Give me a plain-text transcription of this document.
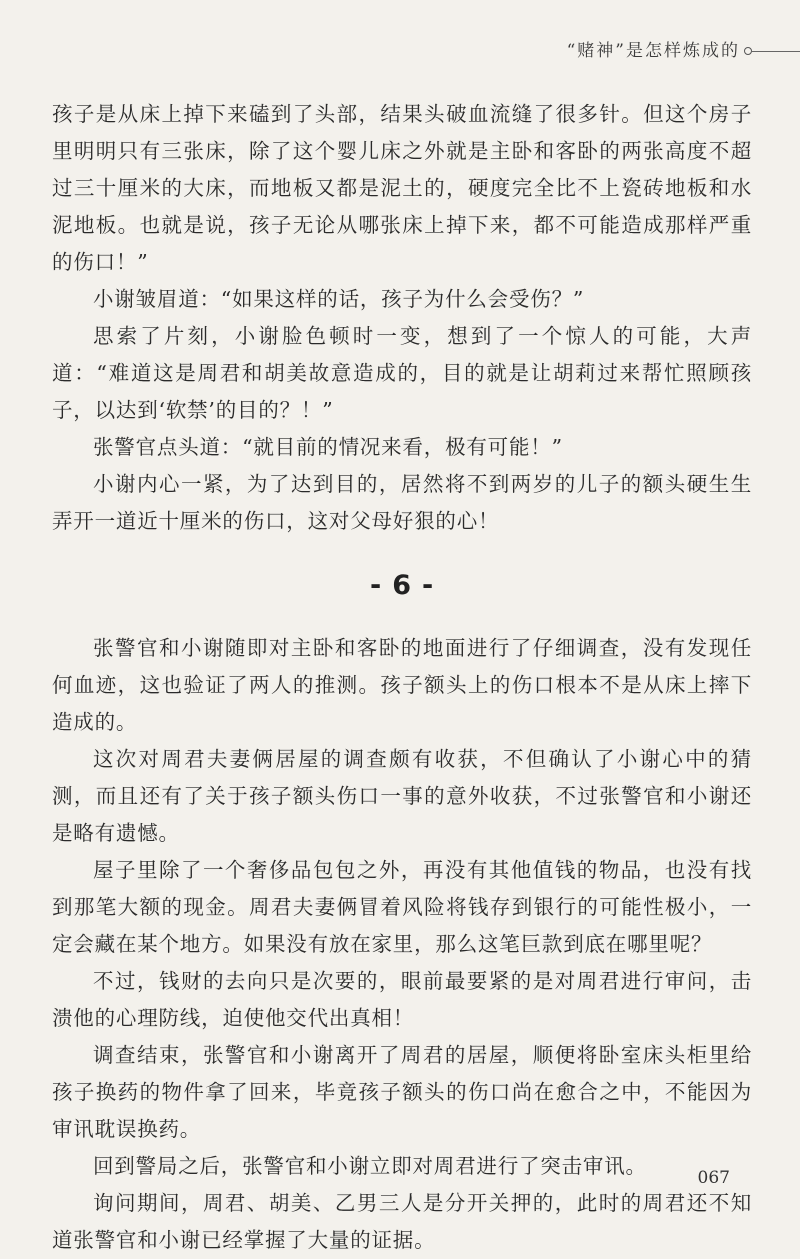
“赌神”是怎样炼成的

孩子是从床上掉下来磕到了头部，结果头破血流缝了很多针。但这个房子里明明只有三张床，除了这个婴儿床之外就是主卧和客卧的两张高度不超过三十厘米的大床，而地板又都是泥土的，硬度完全比不上瓷砖地板和水泥地板。也就是说，孩子无论从哪张床上掉下来，都不可能造成那样严重的伤口！”

小谢皱眉道：“如果这样的话，孩子为什么会受伤？”

思索了片刻，小谢脸色顿时一变，想到了一个惊人的可能，大声道：“难道这是周君和胡美故意造成的，目的就是让胡莉过来帮忙照顾孩子，以达到‘软禁’的目的？！”

张警官点头道：“就目前的情况来看，极有可能！”

小谢内心一紧，为了达到目的，居然将不到两岁的儿子的额头硬生生弄开一道近十厘米的伤口，这对父母好狠的心！

- 6 -

张警官和小谢随即对主卧和客卧的地面进行了仔细调查，没有发现任何血迹，这也验证了两人的推测。孩子额头上的伤口根本不是从床上摔下造成的。

这次对周君夫妻俩居屋的调查颇有收获，不但确认了小谢心中的猜测，而且还有了关于孩子额头伤口一事的意外收获，不过张警官和小谢还是略有遗憾。

屋子里除了一个奢侈品包包之外，再没有其他值钱的物品，也没有找到那笔大额的现金。周君夫妻俩冒着风险将钱存到银行的可能性极小，一定会藏在某个地方。如果没有放在家里，那么这笔巨款到底在哪里呢？

不过，钱财的去向只是次要的，眼前最要紧的是对周君进行审问，击溃他的心理防线，迫使他交代出真相！

调查结束，张警官和小谢离开了周君的居屋，顺便将卧室床头柜里给孩子换药的物件拿了回来，毕竟孩子额头的伤口尚在愈合之中，不能因为审讯耽误换药。

回到警局之后，张警官和小谢立即对周君进行了突击审讯。

询问期间，周君、胡美、乙男三人是分开关押的，此时的周君还不知道张警官和小谢已经掌握了大量的证据。

067
